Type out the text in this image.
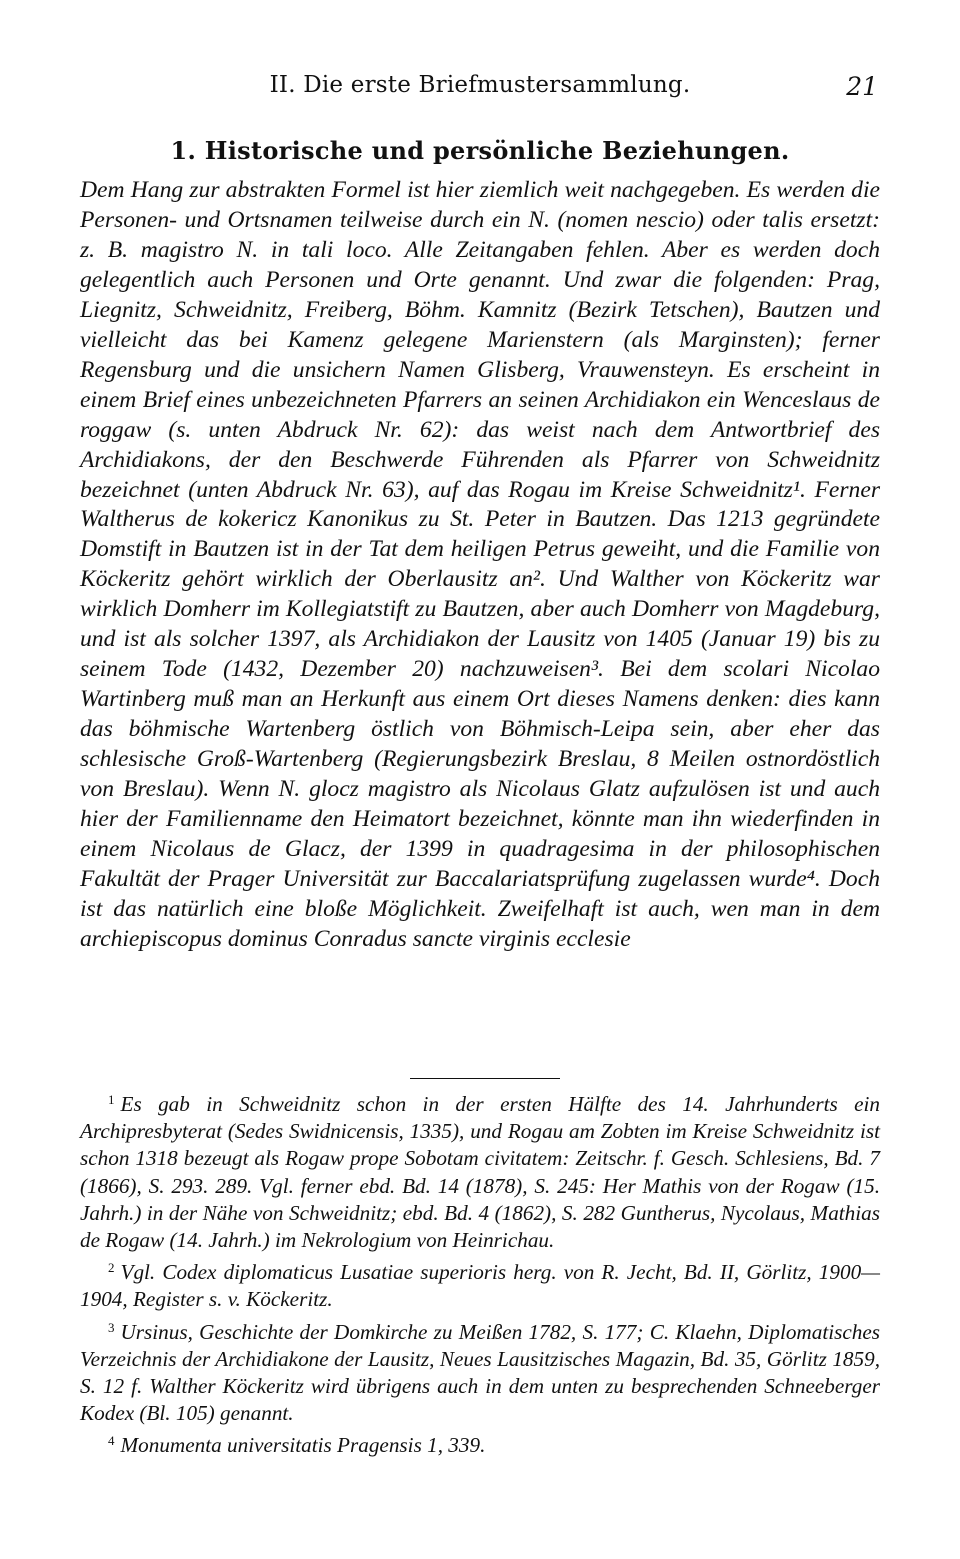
II. Die erste Briefmustersammlung.	21
1. Historische und persönliche Beziehungen.

Dem Hang zur abstrakten Formel ist hier ziemlich weit nachgegeben. Es werden die Personen- und Ortsnamen teilweise durch ein N. (nomen nescio) oder talis ersetzt: z. B. magistro N. in tali loco. Alle Zeitangaben fehlen. Aber es werden doch gelegentlich auch Personen und Orte genannt. Und zwar die folgenden: Prag, Liegnitz, Schweidnitz, Freiberg, Böhm. Kamnitz (Bezirk Tetschen), Bautzen und vielleicht das bei Kamenz gelegene Marienstern (als Marginsten); ferner Regensburg und die unsichern Namen Glisberg, Vrauwensteyn. Es erscheint in einem Brief eines unbezeichneten Pfarrers an seinen Archidiakon ein Wenceslaus de roggaw (s. unten Abdruck Nr. 62): das weist nach dem Antwortbrief des Archidiakons, der den Beschwerde Führenden als Pfarrer von Schweidnitz bezeichnet (unten Abdruck Nr. 63), auf das Rogau im Kreise Schweidnitz¹. Ferner Waltherus de kokericz Kanonikus zu St. Peter in Bautzen. Das 1213 gegründete Domstift in Bautzen ist in der Tat dem heiligen Petrus geweiht, und die Familie von Köckeritz gehört wirklich der Oberlausitz an². Und Walther von Köckeritz war wirklich Domherr im Kollegiatstift zu Bautzen, aber auch Domherr von Magdeburg, und ist als solcher 1397, als Archidiakon der Lausitz von 1405 (Januar 19) bis zu seinem Tode (1432, Dezember 20) nachzuweisen³. Bei dem scolari Nicolao Wartinberg muß man an Herkunft aus einem Ort dieses Namens denken: dies kann das böhmische Wartenberg östlich von Böhmisch-Leipa sein, aber eher das schlesische Groß-Wartenberg (Regierungsbezirk Breslau, 8 Meilen ostnordöstlich von Breslau). Wenn N. glocz magistro als Nicolaus Glatz aufzulösen ist und auch hier der Familienname den Heimatort bezeichnet, könnte man ihn wiederfinden in einem Nicolaus de Glacz, der 1399 in quadragesima in der philosophischen Fakultät der Prager Universität zur Baccalariatsprüfung zugelassen wurde⁴. Doch ist das natürlich eine bloße Möglichkeit. Zweifelhaft ist auch, wen man in dem archiepiscopus dominus Conradus sancte virginis ecclesie

$^1$ Es gab in Schweidnitz schon in der ersten Hälfte des 14. Jahrhunderts ein Archipresbyterat (Sedes Swidnicensis, 1335), und Rogau am Zobten im Kreise Schweidnitz ist schon 1318 bezeugt als Rogaw prope Sobotam civitatem: Zeitschr. f. Gesch. Schlesiens, Bd. 7 (1866), S. 293. 289. Vgl. ferner ebd. Bd. 14 (1878), S. 245: Her Mathis von der Rogaw (15. Jahrh.) in der Nähe von Schweidnitz; ebd. Bd. 4 (1862), S. 282 Guntherus, Nycolaus, Mathias de Rogaw (14. Jahrh.) im Nekrologium von Heinrichau.

$^2$ Vgl. Codex diplomaticus Lusatiae superioris herg. von R. Jecht, Bd. II, Görlitz, 1900—1904, Register s. v. Köckeritz.

$^3$ Ursinus, Geschichte der Domkirche zu Meißen 1782, S. 177; C. Klaehn, Diplomatisches Verzeichnis der Archidiakone der Lausitz, Neues Lausitzisches Magazin, Bd. 35, Görlitz 1859, S. 12 f. Walther Köckeritz wird übrigens auch in dem unten zu besprechenden Schneeberger Kodex (Bl. 105) genannt.

$^4$ Monumenta universitatis Pragensis 1, 339.
